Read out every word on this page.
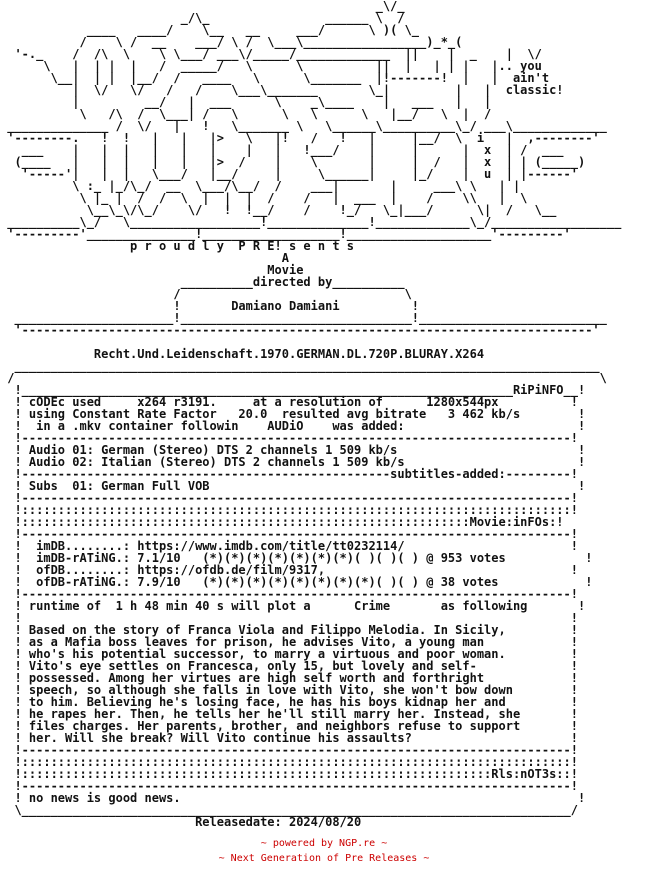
_\/_
_/\_                ______ \  /
____   ____/    \__   __     ___/      \ )( \_
/    \ /  __    ___/ \ /  \___\_________________)_*_(
'-._    /  /\  \    \ \___/ ___\/_____/_____________  ||    |  _    |  \/
\   |  | |  |   /  _____/   \      \          ||  |   | | |   |.. you
\__|  | |  |__/  /   ____   \      \_______  |!-------!  |   |  ain't
|  \/   \/   /   /    \___\_______       \_|         |   |  classic!
|         __/   |  ___      \    _\____    |   ___   |   |
\   /\  /  \___| /   \      \   \      \   |__/   \  |  /
______________ /  \/   |   !   \_______ \   \______\__________\_/ ___\_____________
'--------.   !  !   |   |   |>   \   |!   /   !   |     |__/  \  i   |  ,--------'
___    |   |  |   |   |   |    |   |   !___/    |     |      |  x  | /  ___
(____   |   |  |   |   |   |>  /    |    \       |     |  /   |  x  | | (_____)
'-----'|   |  |   \___/   |__/     |     \______|     |_/    |  u  | |------'
\ :_ |_/\_/  __  \___/\__/  /    ___|       |     ___\ \   | |
\ |_ |  /  /  \  |  |  |  /    /   |  ___  |    /    \\   |  \
\__\_\/\_/    \/   !  !__/    /    !_/   \_|___/      \|  /   \__
__________\_/   \__________________!______________!_____________\_/__________________
'---------'_______________!___________________!____________________'---------'
p r o u d l y  P R E! s e n t s
A
Movie
__________directed by__________
/                               \
!       Damiano Damiani          !
______________________!________________________________!__________________________
'-------------------------------------------------------------------------------'
Recht.Und.Leidenschaft.1970.GERMAN.DL.720P.BLURAY.X264
_________________________________________________________________________________
/                                                                                 \
!____________________________________________________________________RiPiNFO__!
! cODEc used     x264 r3191.     at a resolution of      1280x544px          !
! using Constant Rate Factor   20.0  resulted avg bitrate   3 462 kb/s        !
!  in a .mkv container followin    AUDiO    was added:                        !
!----------------------------------------------------------------------------!
! Audio 01: German (Stereo) DTS 2 channels 1 509 kb/s                         !
! Audio 02: Italian (Stereo) DTS 2 channels 1 509 kb/s                        !
!---------------------------------------------------subtitles-added:---------!
! Subs  01: German Full VOB                                                   !
!----------------------------------------------------------------------------!
!::::::::::::::::::::::::::::::::::::::::::::::::::::::::::::::::::::::::::::!
!::::::::::::::::::::::::::::::::::::::::::::::::::::::::::::::Movie:inFOs:!
!----------------------------------------------------------------------------!
!  imDB........: https://www.imdb.com/title/tt0232114/                       !
!  imDB-rATiNG.: 7.1/10   (*)(*)(*)(*)(*)(*)(*)( )( )( ) @ 953 votes           !
!  ofDB........: https://ofdb.de/film/9317,                                  !
!  ofDB-rATiNG.: 7.9/10   (*)(*)(*)(*)(*)(*)(*)(*)( )( ) @ 38 votes            !
!----------------------------------------------------------------------------!
! runtime of  1 h 48 min 40 s will plot a      Crime       as following       !
!                                                                            !
! Based on the story of Franca Viola and Filippo Melodia. In Sicily,         !
! as a Mafia boss leaves for prison, he advises Vito, a young man            !
! who's his potential successor, to marry a virtuous and poor woman.         !
! Vito's eye settles on Francesca, only 15, but lovely and self-             !
! possessed. Among her virtues are high self worth and forthright            !
! speech, so although she falls in love with Vito, she won't bow down        !
! to him. Believing he's losing face, he has his boys kidnap her and         !
! he rapes her. Then, he tells her he'll still marry her. Instead, she       !
! files charges. Her parents, brother, and neighbors refuse to support       !
! her. Will she break? Will Vito continue his assaults?                      !
!----------------------------------------------------------------------------!
!::::::::::::::::::::::::::::::::::::::::::::::::::::::::::::::::::::::::::::!
!:::::::::::::::::::::::::::::::::::::::::::::::::::::::::::::::::Rls:nOT3s::!
!----------------------------------------------------------------------------!
! no news is good news.                                                       !
\____________________________________________________________________________/
Releasedate: 2024/08/20
~ powered by NGP.re ~
~ Next Generation of Pre Releases ~
